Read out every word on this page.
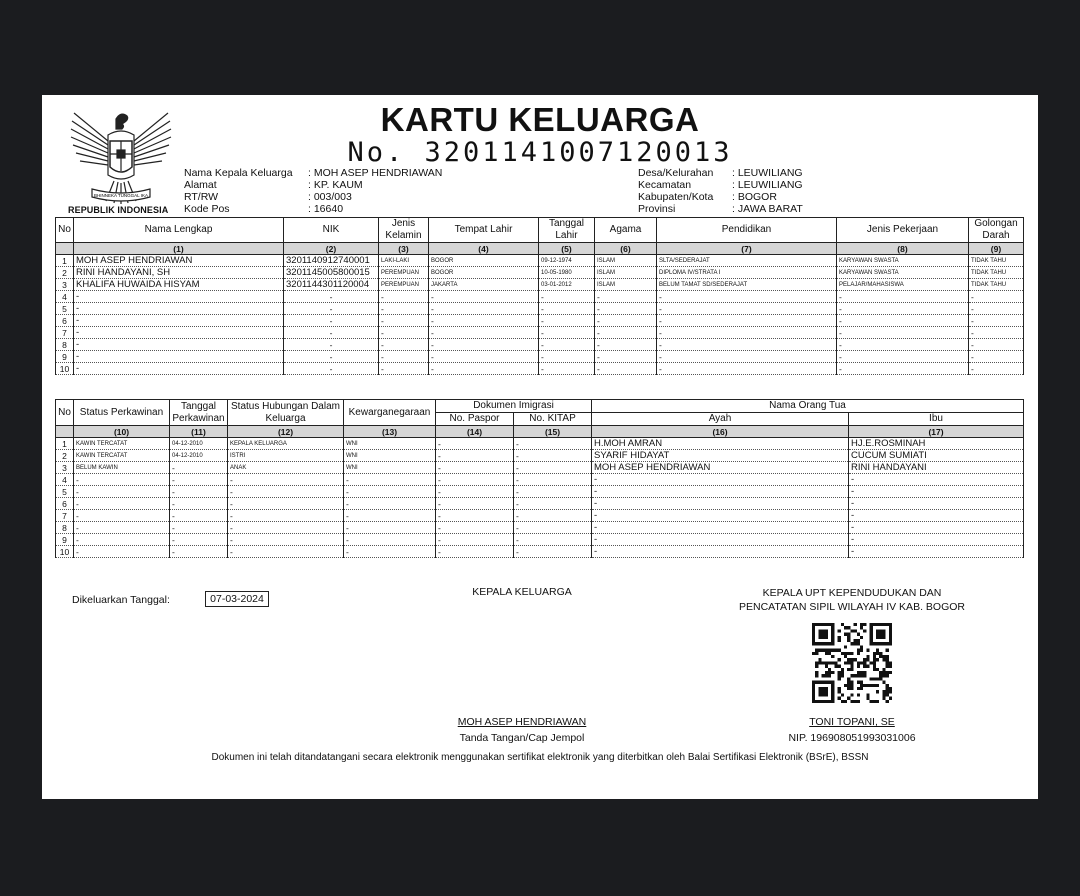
BHINNEKA TUNGGAL IKA
REPUBLIK INDONESIA
KARTU KELUARGA
No. 3201141007120013
Nama Kepala Keluarga	: MOH ASEP HENDRIAWAN
Alamat	: KP. KAUM
RT/RW	: 003/003
Kode Pos	: 16640
Desa/Kelurahan	: LEUWILIANG
Kecamatan	: LEUWILIANG
Kabupaten/Kota	: BOGOR
Provinsi	: JAWA BARAT
No	Nama Lengkap	NIK	Jenis Kelamin	Tempat Lahir	Tanggal Lahir	Agama	Pendidikan	Jenis Pekerjaan	Golongan Darah
	(1)	(2)	(3)	(4)	(5)	(6)	(7)	(8)	(9)
1	MOH ASEP HENDRIAWAN	3201140912740001	LAKI-LAKI	BOGOR	09-12-1974	ISLAM	SLTA/SEDERAJAT	KARYAWAN SWASTA	TIDAK TAHU
2	RINI HANDAYANI, SH	3201145005800015	PEREMPUAN	BOGOR	10-05-1980	ISLAM	DIPLOMA IV/STRATA I	KARYAWAN SWASTA	TIDAK TAHU
3	KHALIFA HUWAIDA HISYAM	3201144301120004	PEREMPUAN	JAKARTA	03-01-2012	ISLAM	BELUM TAMAT SD/SEDERAJAT	PELAJAR/MAHASISWA	TIDAK TAHU
4	-	-	-	-	-	-	-	-	-
5	-	-	-	-	-	-	-	-	-
6	-	-	-	-	-	-	-	-	-
7	-	-	-	-	-	-	-	-	-
8	-	-	-	-	-	-	-	-	-
9	-	-	-	-	-	-	-	-	-
10	-	-	-	-	-	-	-	-	-
No	Status Perkawinan	Tanggal Perkawinan	Status Hubungan Dalam Keluarga	Kewarganegaraan	Dokumen Imigrasi		Nama Orang Tua	
					No. Paspor	No. KITAP	Ayah	Ibu
	(10)	(11)	(12)	(13)	(14)	(15)	(16)	(17)
1	KAWIN TERCATAT	04-12-2010	KEPALA KELUARGA	WNI	-	-	H.MOH AMRAN	HJ.E.ROSMINAH
2	KAWIN TERCATAT	04-12-2010	ISTRI	WNI	-	-	SYARIF HIDAYAT	CUCUM SUMIATI
3	BELUM KAWIN	-	ANAK	WNI	-	-	MOH ASEP HENDRIAWAN	RINI HANDAYANI
4	-	-	-	-	-	-	-	-
5	-	-	-	-	-	-	-	-
6	-	-	-	-	-	-	-	-
7	-	-	-	-	-	-	-	-
8	-	-	-	-	-	-	-	-
9	-	-	-	-	-	-	-	-
10	-	-	-	-	-	-	-	-
Dikeluarkan Tanggal:	07-03-2024
KEPALA KELUARGA	KEPALA UPT KEPENDUDUKAN DAN
PENCATATAN SIPIL WILAYAH IV KAB. BOGOR
MOH ASEP HENDRIAWAN
Tanda Tangan/Cap Jempol
TONI TOPANI, SE
NIP. 196908051993031006
Dokumen ini telah ditandatangani secara elektronik menggunakan sertifikat elektronik yang diterbitkan oleh Balai Sertifikasi Elektronik (BSrE), BSSN
